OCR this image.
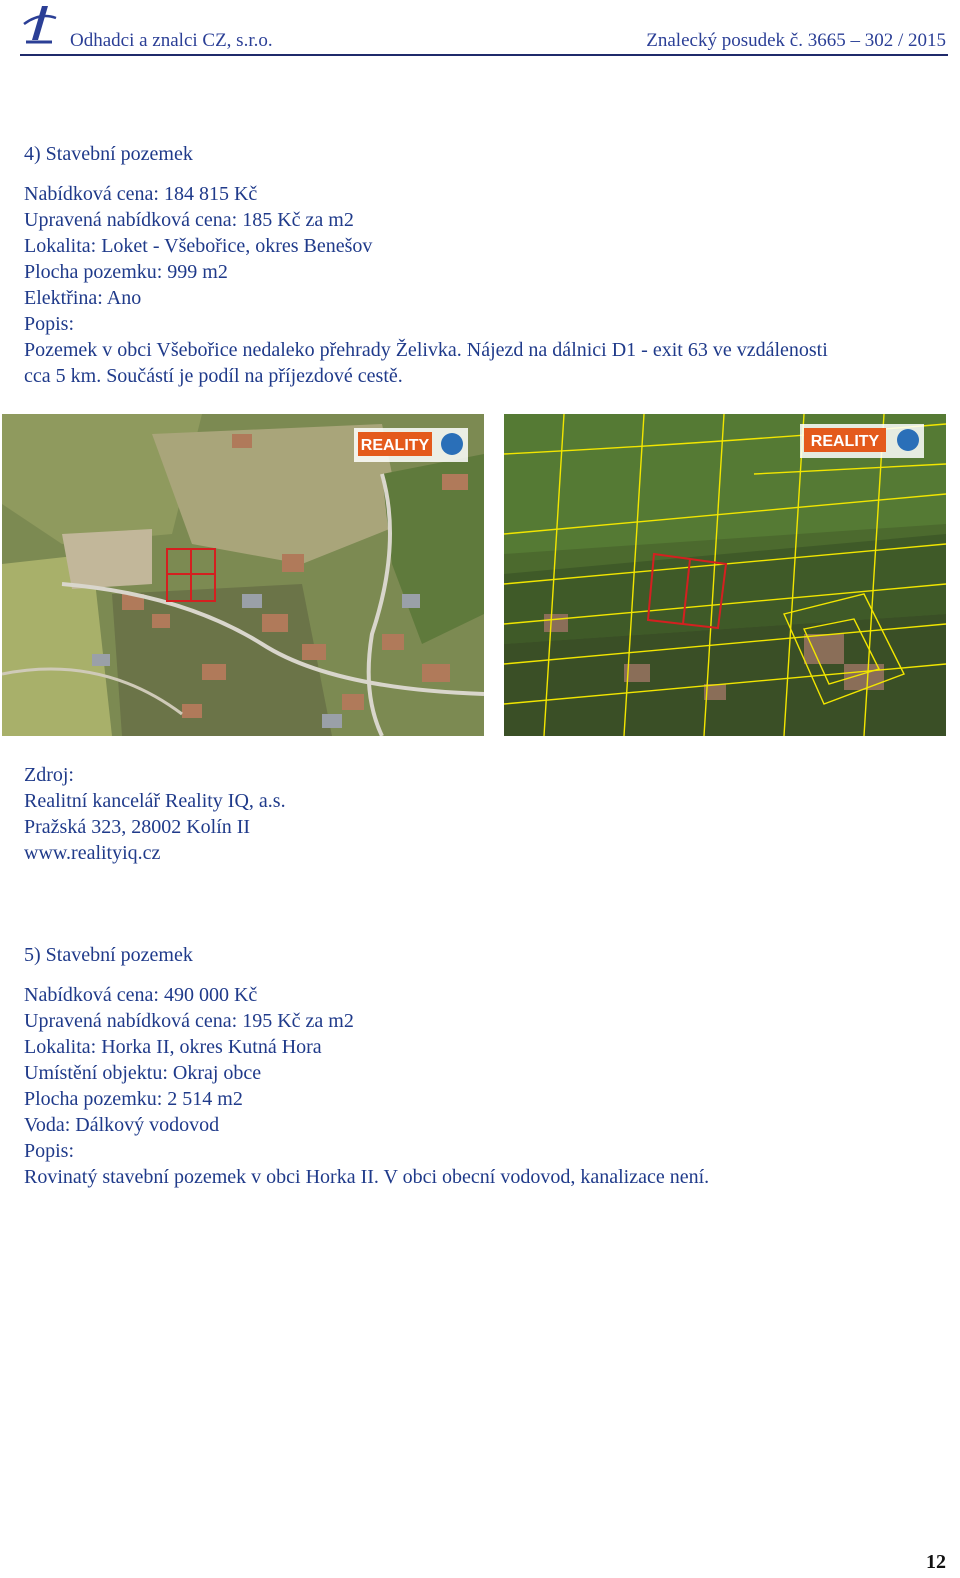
Odhadci a znalci CZ, s.r.o.	Znalecký posudek č. 3665 – 302 / 2015
4) Stavební pozemek

Nabídková cena: 184 815 Kč

Upravená nabídková cena: 185 Kč za m2

Lokalita: Loket - Všebořice, okres Benešov

Plocha pozemku: 999 m2

Elektřina: Ano

Popis:

Pozemek v obci Všebořice nedaleko přehrady Želivka. Nájezd na dálnici D1 - exit 63 ve vzdálenosti

cca 5 km. Součástí je podíl na příjezdové cestě.

REALITY	REALITY

Zdroj:

Realitní kancelář Reality IQ, a.s.

Pražská 323, 28002 Kolín II

www.realityiq.cz

5) Stavební pozemek

Nabídková cena: 490 000 Kč

Upravená nabídková cena: 195 Kč za m2

Lokalita: Horka II, okres Kutná Hora

Umístění objektu: Okraj obce

Plocha pozemku: 2 514 m2

Voda: Dálkový vodovod

Popis:

Rovinatý stavební pozemek v obci Horka II. V obci obecní vodovod, kanalizace není.

12
